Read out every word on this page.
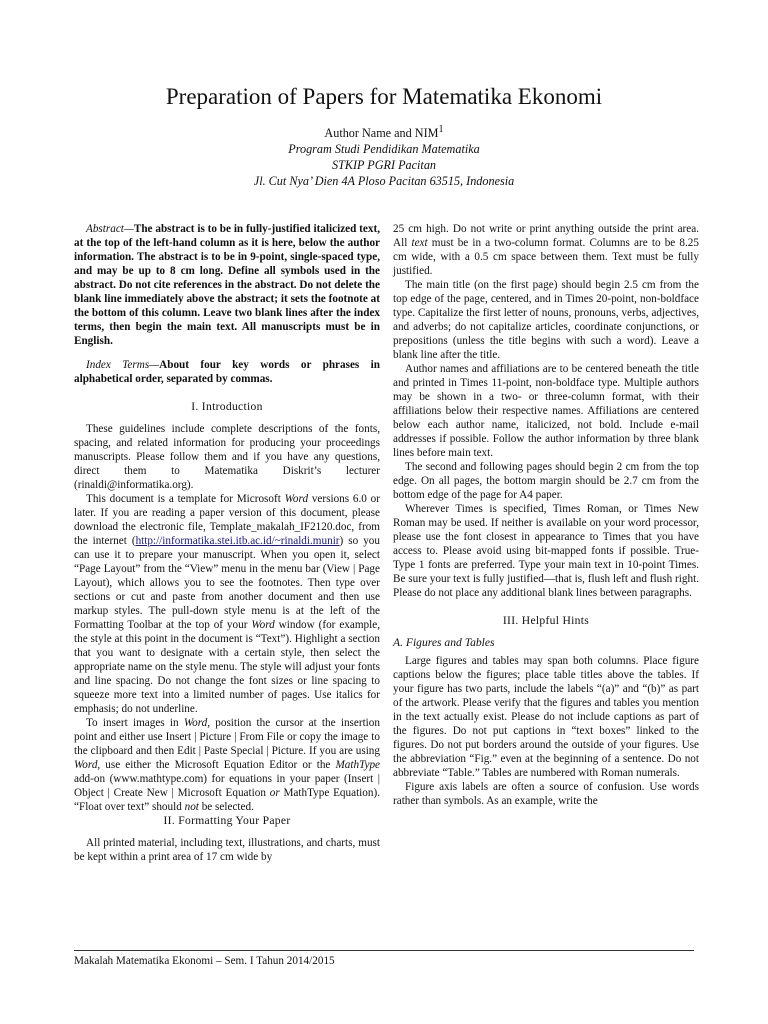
Preparation of Papers for Matematika Ekonomi
Author Name and NIM$^1$
Program Studi Pendidikan Matematika
STKIP PGRI Pacitan
Jl. Cut Nya’ Dien 4A Ploso Pacitan 63515, Indonesia

Abstract—The abstract is to be in fully-justified italicized text, at the top of the left-hand column as it is here, below the author information. The abstract is to be in 9-point, single-spaced type, and may be up to 8 cm long. Define all symbols used in the abstract. Do not cite references in the abstract. Do not delete the blank line immediately above the abstract; it sets the footnote at the bottom of this column. Leave two blank lines after the index terms, then begin the main text. All manuscripts must be in English.

Index Terms—About four key words or phrases in alphabetical order, separated by commas.

I. Introduction

These guidelines include complete descriptions of the fonts, spacing, and related information for producing your proceedings manuscripts. Please follow them and if you have any questions, direct them to Matematika Diskrit’s lecturer (rinaldi@informatika.org).

This document is a template for Microsoft Word versions 6.0 or later. If you are reading a paper version of this document, please download the electronic file, Template_makalah_IF2120.doc, from the internet (http://informatika.stei.itb.ac.id/~rinaldi.munir) so you can use it to prepare your manuscript. When you open it, select “Page Layout” from the “View” menu in the menu bar (View | Page Layout), which allows you to see the footnotes. Then type over sections or cut and paste from another document and then use markup styles. The pull-down style menu is at the left of the Formatting Toolbar at the top of your Word window (for example, the style at this point in the document is “Text”). Highlight a section that you want to designate with a certain style, then select the appropriate name on the style menu. The style will adjust your fonts and line spacing. Do not change the font sizes or line spacing to squeeze more text into a limited number of pages. Use italics for emphasis; do not underline.

To insert images in Word, position the cursor at the insertion point and either use Insert | Picture | From File or copy the image to the clipboard and then Edit | Paste Special | Picture. If you are using Word, use either the Microsoft Equation Editor or the MathType add-on (www.mathtype.com) for equations in your paper (Insert | Object | Create New | Microsoft Equation or MathType Equation). “Float over text” should not be selected.

II. Formatting Your Paper

All printed material, including text, illustrations, and charts, must be kept within a print area of 17 cm wide by

25 cm high. Do not write or print anything outside the print area. All text must be in a two-column format. Columns are to be 8.25 cm wide, with a 0.5 cm space between them. Text must be fully justified.

The main title (on the first page) should begin 2.5 cm from the top edge of the page, centered, and in Times 20-point, non-boldface type. Capitalize the first letter of nouns, pronouns, verbs, adjectives, and adverbs; do not capitalize articles, coordinate conjunctions, or prepositions (unless the title begins with such a word). Leave a blank line after the title.

Author names and affiliations are to be centered beneath the title and printed in Times 11-point, non-boldface type. Multiple authors may be shown in a two- or three-column format, with their affiliations below their respective names. Affiliations are centered below each author name, italicized, not bold. Include e-mail addresses if possible. Follow the author information by three blank lines before main text.

The second and following pages should begin 2 cm from the top edge. On all pages, the bottom margin should be 2.7 cm from the bottom edge of the page for A4 paper.

Wherever Times is specified, Times Roman, or Times New Roman may be used. If neither is available on your word processor, please use the font closest in appearance to Times that you have access to. Please avoid using bit-mapped fonts if possible. True-Type 1 fonts are preferred. Type your main text in 10-point Times. Be sure your text is fully justified—that is, flush left and flush right. Please do not place any additional blank lines between paragraphs.

III. Helpful Hints
A. Figures and Tables

Large figures and tables may span both columns. Place figure captions below the figures; place table titles above the tables. If your figure has two parts, include the labels “(a)” and “(b)” as part of the artwork. Please verify that the figures and tables you mention in the text actually exist. Please do not include captions as part of the figures. Do not put captions in “text boxes” linked to the figures. Do not put borders around the outside of your figures. Use the abbreviation “Fig.” even at the beginning of a sentence. Do not abbreviate “Table.” Tables are numbered with Roman numerals.

Figure axis labels are often a source of confusion. Use words rather than symbols. As an example, write the

Makalah Matematika Ekonomi – Sem. I Tahun 2014/2015
